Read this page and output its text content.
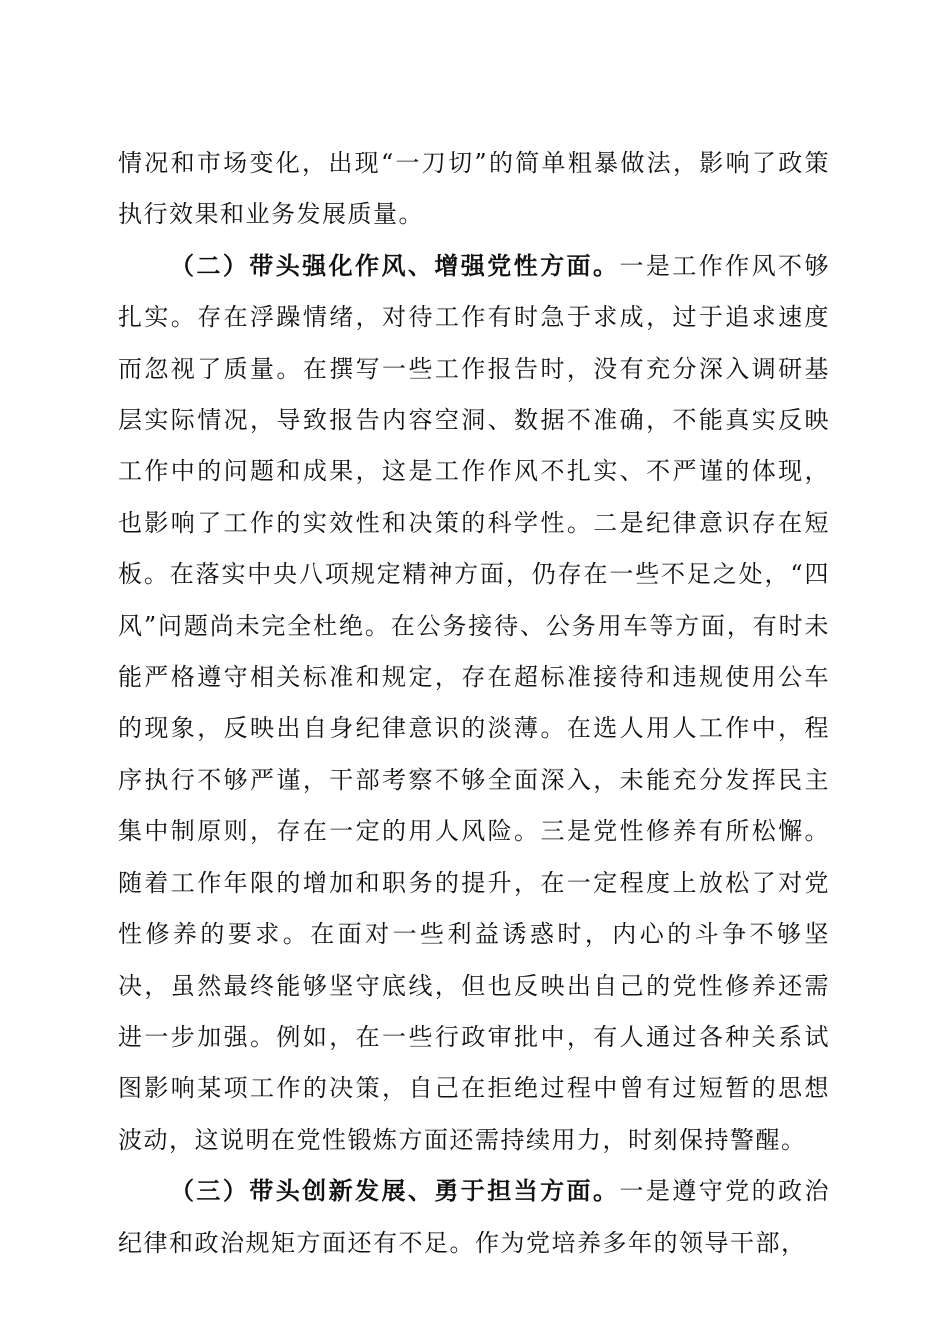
情况和市场变化，出现“一刀切”的简单粗暴做法，影响了政策执行效果和业务发展质量。

（二）带头强化作风、增强党性方面。一是工作作风不够扎实。存在浮躁情绪，对待工作有时急于求成，过于追求速度而忽视了质量。在撰写一些工作报告时，没有充分深入调研基层实际情况，导致报告内容空洞、数据不准确，不能真实反映工作中的问题和成果，这是工作作风不扎实、不严谨的体现，也影响了工作的实效性和决策的科学性。二是纪律意识存在短板。在落实中央八项规定精神方面，仍存在一些不足之处，“四风”问题尚未完全杜绝。在公务接待、公务用车等方面，有时未能严格遵守相关标准和规定，存在超标准接待和违规使用公车的现象，反映出自身纪律意识的淡薄。在选人用人工作中，程序执行不够严谨，干部考察不够全面深入，未能充分发挥民主集中制原则，存在一定的用人风险。三是党性修养有所松懈。随着工作年限的增加和职务的提升，在一定程度上放松了对党性修养的要求。在面对一些利益诱惑时，内心的斗争不够坚决，虽然最终能够坚守底线，但也反映出自己的党性修养还需进一步加强。例如，在一些行政审批中，有人通过各种关系试图影响某项工作的决策，自己在拒绝过程中曾有过短暂的思想波动，这说明在党性锻炼方面还需持续用力，时刻保持警醒。

（三）带头创新发展、勇于担当方面。一是遵守党的政治纪律和政治规矩方面还有不足。作为党培养多年的领导干部，
